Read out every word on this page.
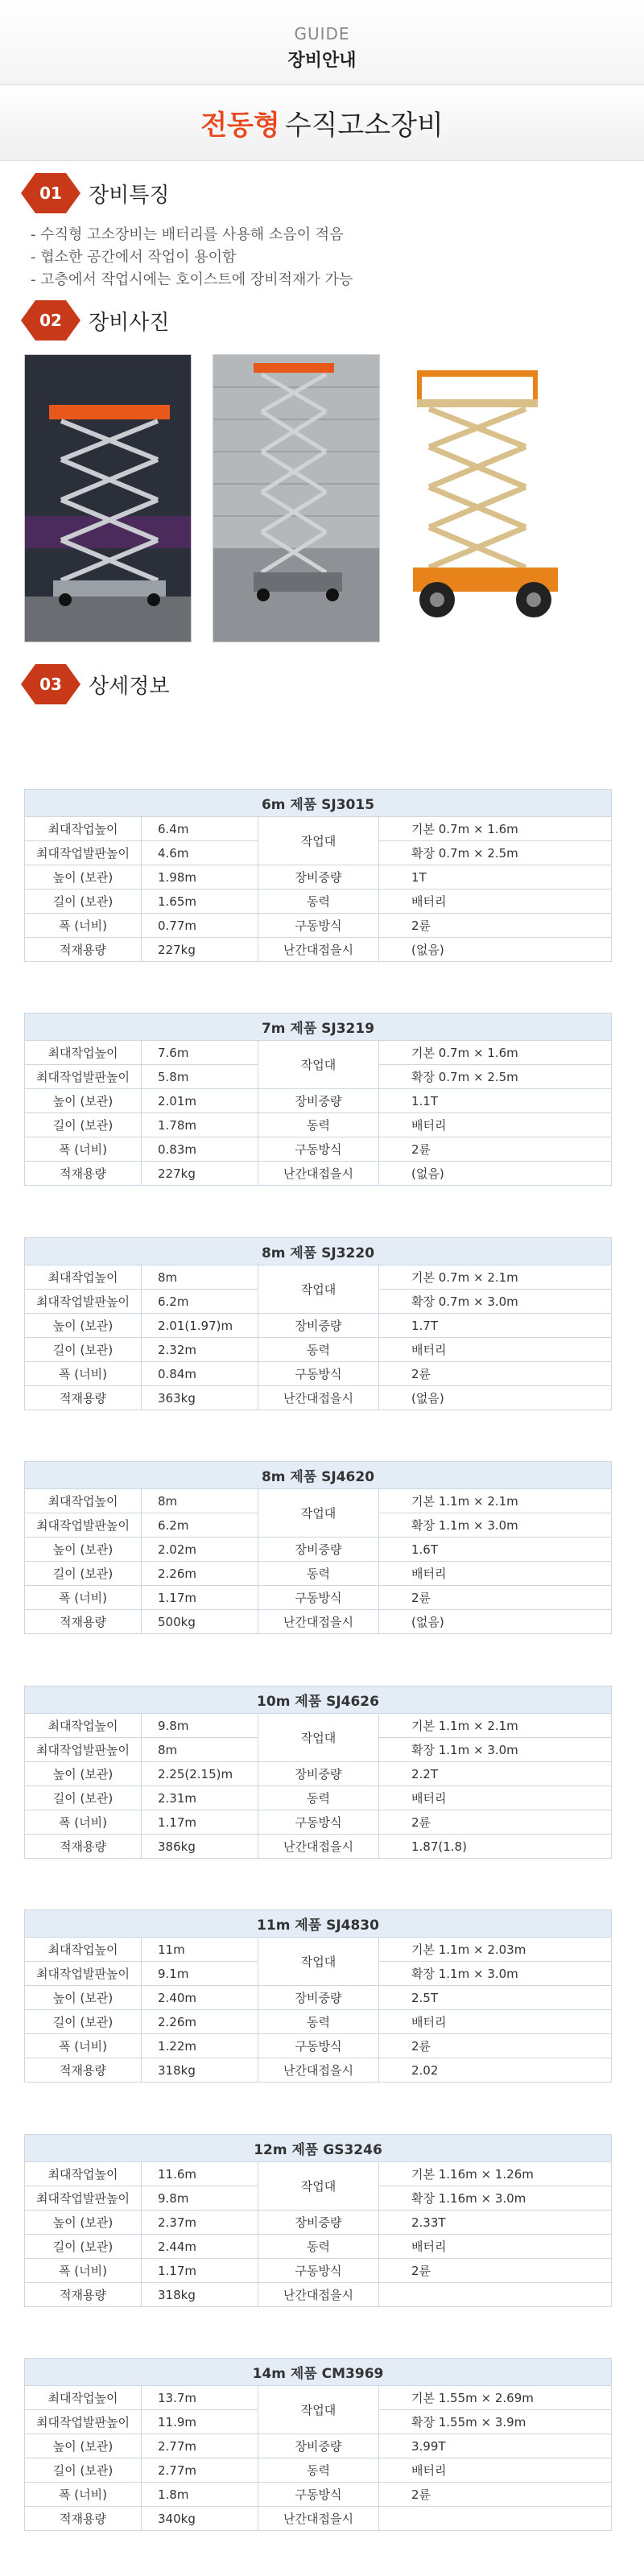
GUIDE
장비안내
전동형 수직고소장비
01 장비특징
- 수직형 고소장비는 배터리를 사용해 소음이 적음
- 협소한 공간에서 작업이 용이함
- 고층에서 작업시에는 호이스트에 장비적재가 가능
02 장비사진
03 상세정보
6m 제품 SJ3015			
최대작업높이	6.4m	작업대	기본 0.7m × 1.6m
최대작업발판높이	4.6m		확장 0.7m × 2.5m
높이 (보관)	1.98m	장비중량	1T
길이 (보관)	1.65m	동력	배터리
폭 (너비)	0.77m	구동방식	2륜
적재용량	227kg	난간대접을시	(없음)
7m 제품 SJ3219			
최대작업높이	7.6m	작업대	기본 0.7m × 1.6m
최대작업발판높이	5.8m		확장 0.7m × 2.5m
높이 (보관)	2.01m	장비중량	1.1T
길이 (보관)	1.78m	동력	배터리
폭 (너비)	0.83m	구동방식	2륜
적재용량	227kg	난간대접을시	(없음)
8m 제품 SJ3220			
최대작업높이	8m	작업대	기본 0.7m × 2.1m
최대작업발판높이	6.2m		확장 0.7m × 3.0m
높이 (보관)	2.01(1.97)m	장비중량	1.7T
길이 (보관)	2.32m	동력	배터리
폭 (너비)	0.84m	구동방식	2륜
적재용량	363kg	난간대접을시	(없음)
8m 제품 SJ4620			
최대작업높이	8m	작업대	기본 1.1m × 2.1m
최대작업발판높이	6.2m		확장 1.1m × 3.0m
높이 (보관)	2.02m	장비중량	1.6T
길이 (보관)	2.26m	동력	배터리
폭 (너비)	1.17m	구동방식	2륜
적재용량	500kg	난간대접을시	(없음)
10m 제품 SJ4626			
최대작업높이	9.8m	작업대	기본 1.1m × 2.1m
최대작업발판높이	8m		확장 1.1m × 3.0m
높이 (보관)	2.25(2.15)m	장비중량	2.2T
길이 (보관)	2.31m	동력	배터리
폭 (너비)	1.17m	구동방식	2륜
적재용량	386kg	난간대접을시	1.87(1.8)
11m 제품 SJ4830			
최대작업높이	11m	작업대	기본 1.1m × 2.03m
최대작업발판높이	9.1m		확장 1.1m × 3.0m
높이 (보관)	2.40m	장비중량	2.5T
길이 (보관)	2.26m	동력	배터리
폭 (너비)	1.22m	구동방식	2륜
적재용량	318kg	난간대접을시	2.02
12m 제품 GS3246			
최대작업높이	11.6m	작업대	기본 1.16m × 1.26m
최대작업발판높이	9.8m		확장 1.16m × 3.0m
높이 (보관)	2.37m	장비중량	2.33T
길이 (보관)	2.44m	동력	배터리
폭 (너비)	1.17m	구동방식	2륜
적재용량	318kg	난간대접을시	
14m 제품 CM3969			
최대작업높이	13.7m	작업대	기본 1.55m × 2.69m
최대작업발판높이	11.9m		확장 1.55m × 3.9m
높이 (보관)	2.77m	장비중량	3.99T
길이 (보관)	2.77m	동력	배터리
폭 (너비)	1.8m	구동방식	2륜
적재용량	340kg	난간대접을시	
